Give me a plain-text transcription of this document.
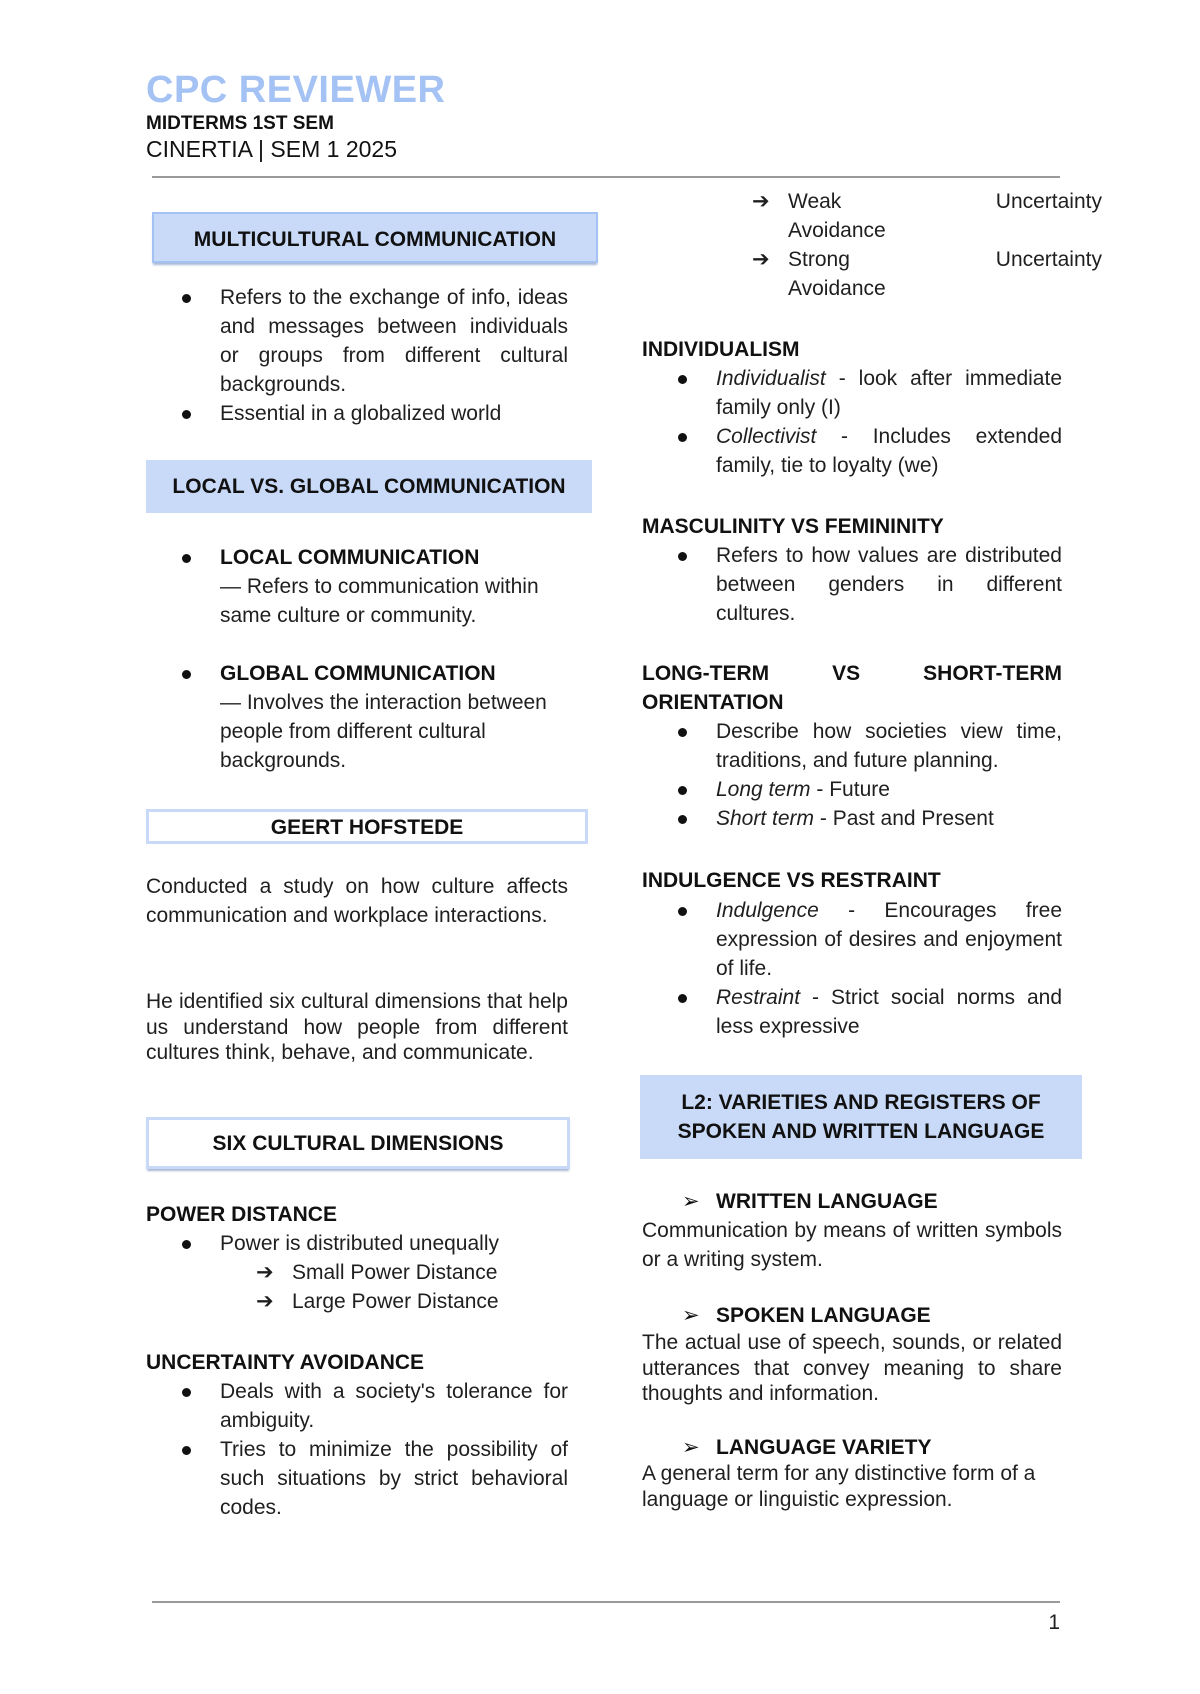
CPC REVIEWER
MIDTERMS 1ST SEM
CINERTIA | SEM 1 2025
MULTICULTURAL COMMUNICATION
Refers to the exchange of info, ideas and messages between individuals or groups from different cultural backgrounds.
Essential in a globalized world
LOCAL VS. GLOBAL COMMUNICATION
LOCAL COMMUNICATION
— Refers to communication within same culture or community.
GLOBAL COMMUNICATION
— Involves the interaction between people from different cultural backgrounds.
GEERT HOFSTEDE
Conducted a study on how culture affects communication and workplace interactions.
He identified six cultural dimensions that help us understand how people from different cultures think, behave, and communicate.
SIX CULTURAL DIMENSIONS
POWER DISTANCE
Power is distributed unequally
➔ Small Power Distance
➔ Large Power Distance
UNCERTAINTY AVOIDANCE
Deals with a society's tolerance for ambiguity.
Tries to minimize the possibility of such situations by strict behavioral codes.
➔ Weak	Uncertainty
Avoidance
➔ Strong	Uncertainty
Avoidance
INDIVIDUALISM
Individualist - look after immediate family only (I)
Collectivist - Includes extended family, tie to loyalty (we)
MASCULINITY VS FEMININITY
Refers to how values are distributed between genders in different cultures.
LONG-TERM	VS	SHORT-TERM
ORIENTATION
Describe how societies view time, traditions, and future planning.
Long term - Future
Short term - Past and Present
INDULGENCE VS RESTRAINT
Indulgence - Encourages free expression of desires and enjoyment of life.
Restraint - Strict social norms and less expressive
L2: VARIETIES AND REGISTERS OF
SPOKEN AND WRITTEN LANGUAGE
➢ WRITTEN LANGUAGE
Communication by means of written symbols or a writing system.
➢ SPOKEN LANGUAGE
The actual use of speech, sounds, or related utterances that convey meaning to share thoughts and information.
➢ LANGUAGE VARIETY
A general term for any distinctive form of a language or linguistic expression.
1
